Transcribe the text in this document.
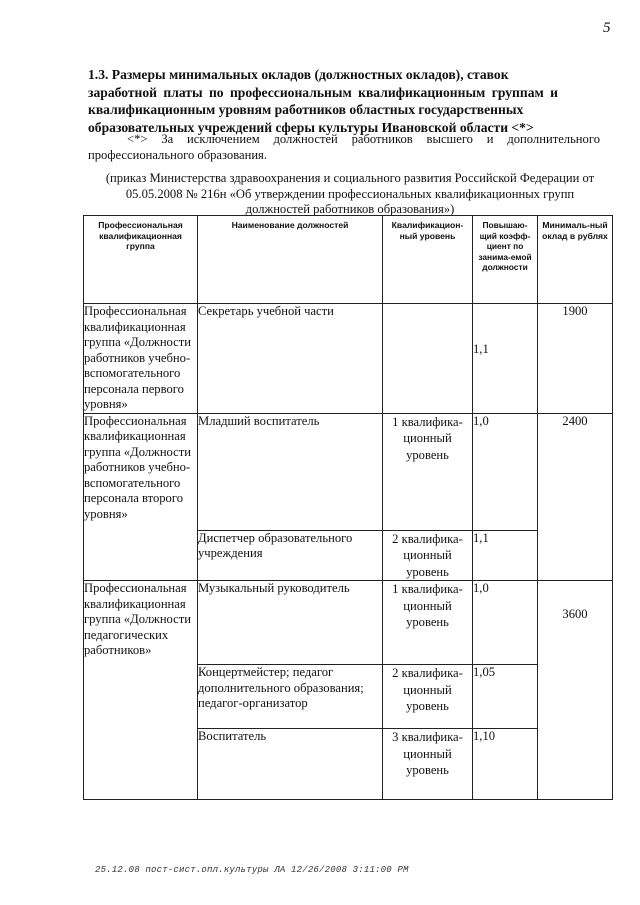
5
1.3. Размеры минимальных окладов (должностных окладов), ставок
заработной платы по профессиональным квалификационным группам и квалификационным уровням работников областных государственных
образовательных учреждений сферы культуры Ивановской области <*>
<*> За исключением должностей работников высшего и дополнительного
профессионального образования.
(приказ Министерства здравоохранения и социального развития Российской Федерации от 05.05.2008 № 216н «Об утверждении профессиональных квалификационных групп должностей работников образования»)
Профессиональная квалификационная группа	Наименование должностей	Квалификацион-ный уровень	Повышаю-щий коэфф-циент по занима-емой должности	Минималь-ный оклад в рублях

Профессиональная квалификационная группа «Должности работников учебно-вспомогательного персонала первого уровня»	Секретарь учебной части		1,1	1900

Профессиональная квалификационная группа «Должности работников учебно-вспомогательного персонала второго уровня»	Младший воспитатель	1 квалифика-ционный уровень	1,0	2400

	Диспетчер образовательного учреждения	2 квалифика-ционный уровень	1,1	

Профессиональная квалификационная группа «Должности педагогических работников»	Музыкальный руководитель	1 квалифика-ционный уровень	1,0	3600

	Концертмейстер; педагог дополнительного образования; педагог-организатор	2 квалифика-ционный уровень	1,05	

	Воспитатель	3 квалифика-ционный уровень	1,10	
25.12.08 пост-сист.опл.культуры ЛА 12/26/2008 3:11:00 PM
